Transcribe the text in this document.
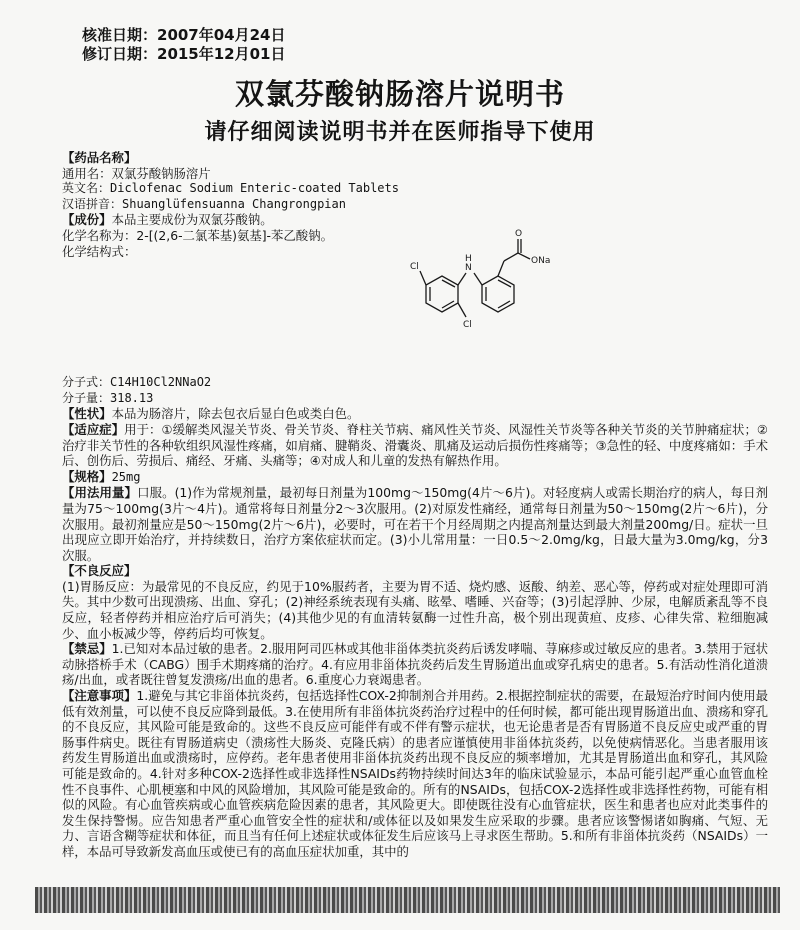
核准日期：2007年04月24日
修订日期：2015年12月01日
双氯芬酸钠肠溶片说明书
请仔细阅读说明书并在医师指导下使用
Cl	N
H
O
ONa
Cl

【药品名称】

通用名：双氯芬酸钠肠溶片

英文名：Diclofenac Sodium Enteric-coated Tablets

汉语拼音：Shuanglüfensuanna Changrongpian

【成份】本品主要成份为双氯芬酸钠。

化学名称为：2-[(2,6-二氯苯基)氨基]-苯乙酸钠。

化学结构式：

分子式：C14H10Cl2NNaO2

分子量：318.13

【性状】本品为肠溶片，除去包衣后显白色或类白色。

【适应症】用于：①缓解类风湿关节炎、骨关节炎、脊柱关节病、痛风性关节炎、风湿性关节炎等各种关节炎的关节肿痛症状；②治疗非关节性的各种软组织风湿性疼痛，如肩痛、腱鞘炎、滑囊炎、肌痛及运动后损伤性疼痛等；③急性的轻、中度疼痛如：手术后、创伤后、劳损后、痛经、牙痛、头痛等；④对成人和儿童的发热有解热作用。

【规格】25mg

【用法用量】口服。(1)作为常规剂量，最初每日剂量为100mg～150mg(4片～6片)。对轻度病人或需长期治疗的病人，每日剂量为75～100mg(3片～4片)。通常将每日剂量分2～3次服用。(2)对原发性痛经，通常每日剂量为50～150mg(2片～6片)，分次服用。最初剂量应是50～150mg(2片～6片)，必要时，可在若干个月经周期之内提高剂量达到最大剂量200mg/日。症状一旦出现应立即开始治疗，并持续数日，治疗方案依症状而定。(3)小儿常用量：一日0.5～2.0mg/kg，日最大量为3.0mg/kg，分3次服。

【不良反应】

(1)胃肠反应：为最常见的不良反应，约见于10%服药者，主要为胃不适、烧灼感、返酸、纳差、恶心等，停药或对症处理即可消失。其中少数可出现溃疡、出血、穿孔；(2)神经系统表现有头痛、眩晕、嗜睡、兴奋等；(3)引起浮肿、少尿，电解质紊乱等不良反应，轻者停药并相应治疗后可消失；(4)其他少见的有血清转氨酶一过性升高，极个别出现黄疸、皮疹、心律失常、粒细胞减少、血小板减少等，停药后均可恢复。

【禁忌】1.已知对本品过敏的患者。2.服用阿司匹林或其他非甾体类抗炎药后诱发哮喘、荨麻疹或过敏反应的患者。3.禁用于冠状动脉搭桥手术（CABG）围手术期疼痛的治疗。4.有应用非甾体抗炎药后发生胃肠道出血或穿孔病史的患者。5.有活动性消化道溃疡/出血，或者既往曾复发溃疡/出血的患者。6.重度心力衰竭患者。

【注意事项】1.避免与其它非甾体抗炎药，包括选择性COX-2抑制剂合并用药。2.根据控制症状的需要，在最短治疗时间内使用最低有效剂量，可以使不良反应降到最低。3.在使用所有非甾体抗炎药治疗过程中的任何时候，都可能出现胃肠道出血、溃疡和穿孔的不良反应，其风险可能是致命的。这些不良反应可能伴有或不伴有警示症状，也无论患者是否有胃肠道不良反应史或严重的胃肠事件病史。既往有胃肠道病史（溃疡性大肠炎、克隆氏病）的患者应谨慎使用非甾体抗炎药，以免使病情恶化。当患者服用该药发生胃肠道出血或溃疡时，应停药。老年患者使用非甾体抗炎药出现不良反应的频率增加，尤其是胃肠道出血和穿孔，其风险可能是致命的。4.针对多种COX-2选择性或非选择性NSAIDs药物持续时间达3年的临床试验显示，本品可能引起严重心血管血栓性不良事件、心肌梗塞和中风的风险增加，其风险可能是致命的。所有的NSAIDs，包括COX-2选择性或非选择性药物，可能有相似的风险。有心血管疾病或心血管疾病危险因素的患者，其风险更大。即使既往没有心血管症状，医生和患者也应对此类事件的发生保持警惕。应告知患者严重心血管安全性的症状和/或体征以及如果发生应采取的步骤。患者应该警惕诸如胸痛、气短、无力、言语含糊等症状和体征，而且当有任何上述症状或体征发生后应该马上寻求医生帮助。5.和所有非甾体抗炎药（NSAIDs）一样，本品可导致新发高血压或使已有的高血压症状加重，其中的
